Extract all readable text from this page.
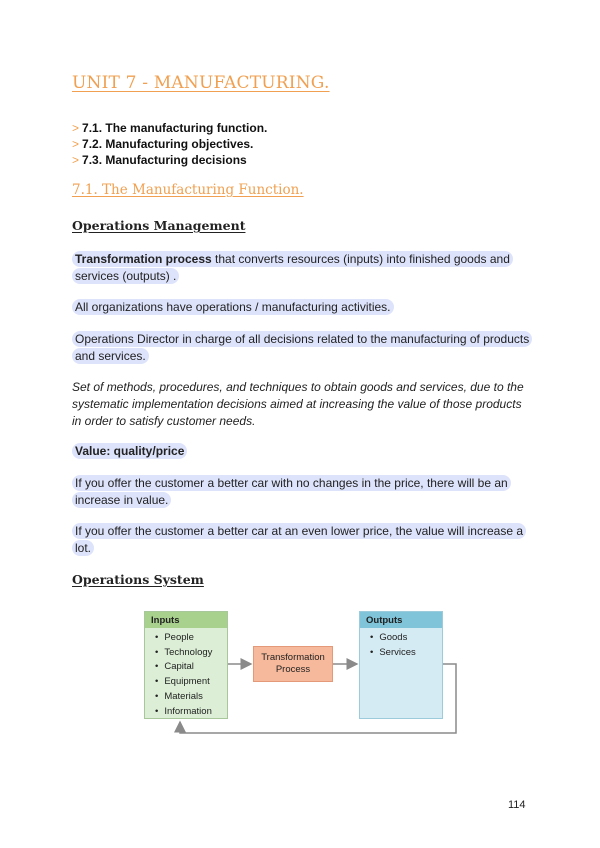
UNIT 7 - MANUFACTURING.
> 7.1. The manufacturing function.
> 7.2. Manufacturing objectives.
> 7.3. Manufacturing decisions
7.1. The Manufacturing Function.
Operations Management
Transformation process that converts resources (inputs) into finished goods and services (outputs) .
All organizations have operations / manufacturing activities.
Operations Director in charge of all decisions related to the manufacturing of products and services.
Set of methods, procedures, and techniques to obtain goods and services, due to the systematic implementation decisions aimed at increasing the value of those products in order to satisfy customer needs.
Value: quality/price
If you offer the customer a better car with no changes in the price, there will be an increase in value.
If you offer the customer a better car at an even lower price, the value will increase a lot.
Operations System
Inputs
• People
• Technology
• Capital
• Equipment
• Materials
• Information
Transformation
Process
Outputs
• Goods
• Services
114
